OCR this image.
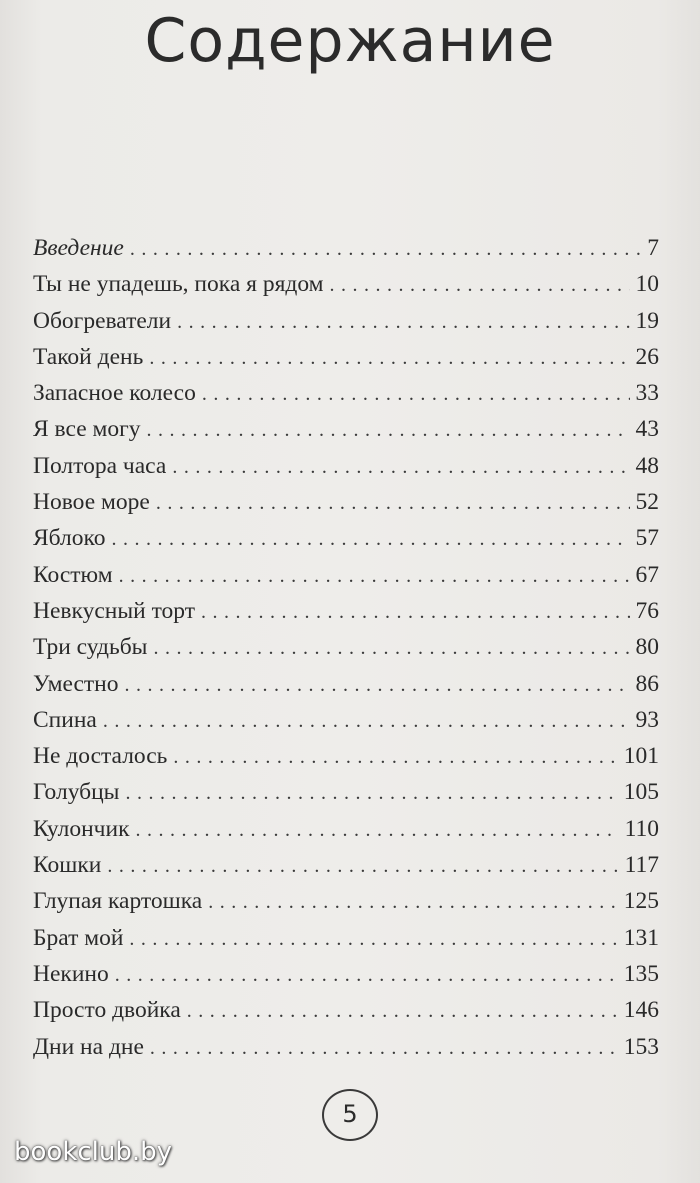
Содержание
Введение . . .	7
Ты не упадешь, пока я рядом . . .	10
Обогреватели . . .	19
Такой день . . .	26
Запасное колесо . . .	33
Я все могу . . .	43
Полтора часа . . .	48
Новое море . . .	52
Яблоко . . .	57
Костюм . . .	67
Невкусный торт . . .	76
Три судьбы . . .	80
Уместно . . .	86
Спина . . .	93
Не досталось . . .	101
Голубцы . . .	105
Кулончик . . .	110
Кошки . . .	117
Глупая картошка . . .	125
Брат мой . . .	131
Некино . . .	135
Просто двойка . . .	146
Дни на дне . . .	153
5
bookclub.by
